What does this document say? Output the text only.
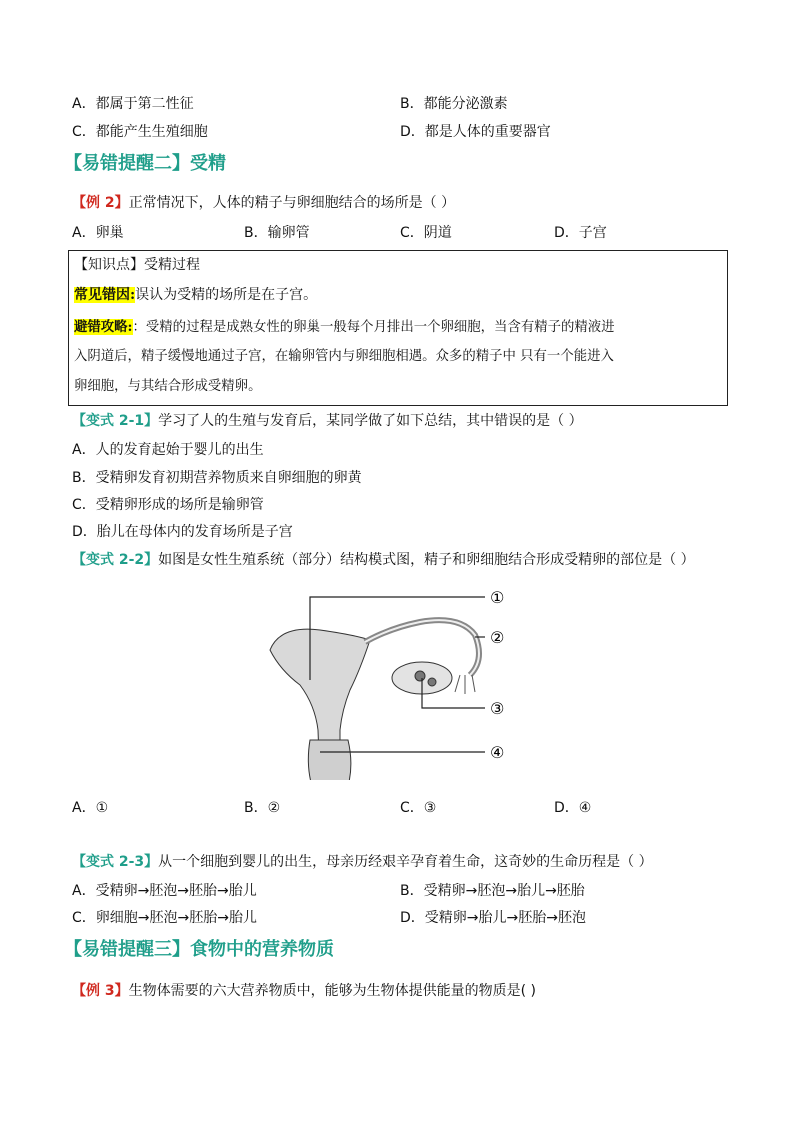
A．都属于第二性征	B．都能分泌激素
C．都能产生生殖细胞	D．都是人体的重要器官
【易错提醒二】受精
【例 2】正常情况下，人体的精子与卵细胞结合的场所是（ ）
A．卵巢	B．输卵管	C．阴道	D．子宫
【知识点】受精过程
常见错因:误认为受精的场所是在子宫。
避错攻略:：受精的过程是成熟女性的卵巢一般每个月排出一个卵细胞，当含有精子的精液进
入阴道后，精子缓慢地通过子宫，在输卵管内与卵细胞相遇。众多的精子中 只有一个能进入
卵细胞，与其结合形成受精卵。
【变式 2-1】学习了人的生殖与发育后，某同学做了如下总结，其中错误的是（ ）
A．人的发育起始于婴儿的出生
B．受精卵发育初期营养物质来自卵细胞的卵黄
C．受精卵形成的场所是输卵管
D．胎儿在母体内的发育场所是子宫
【变式 2-2】如图是女性生殖系统（部分）结构模式图，精子和卵细胞结合形成受精卵的部位是（ ）
①
②
③
④
A．①	B．②	C．③	D．④
【变式 2-3】从一个细胞到婴儿的出生，母亲历经艰辛孕育着生命，这奇妙的生命历程是（ ）
A．受精卵→胚泡→胚胎→胎儿	B．受精卵→胚泡→胎儿→胚胎
C．卵细胞→胚泡→胚胎→胎儿	D．受精卵→胎儿→胚胎→胚泡
【易错提醒三】食物中的营养物质
【例 3】生物体需要的六大营养物质中，能够为生物体提供能量的物质是( )
